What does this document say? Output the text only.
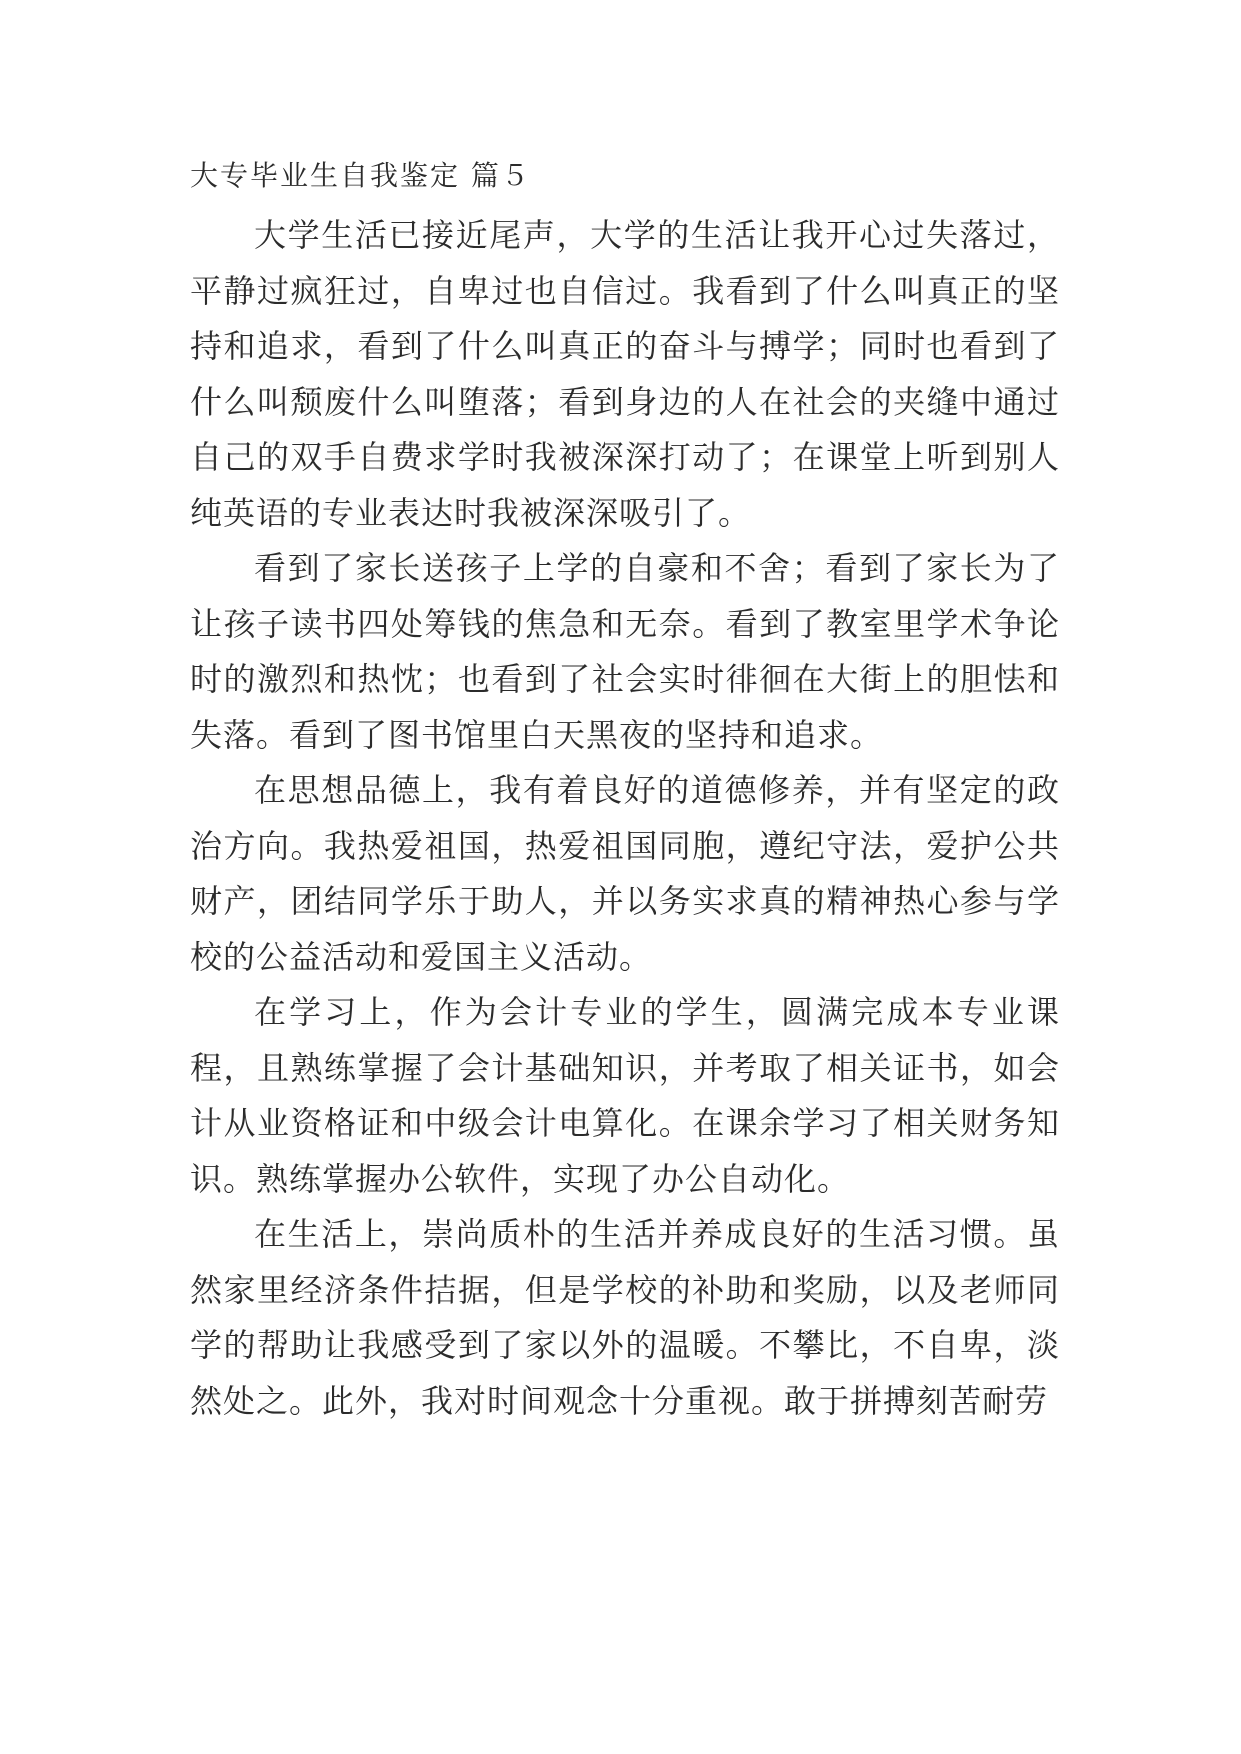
大专毕业生自我鉴定 篇５

大学生活已接近尾声，大学的生活让我开心过失落过，平静过疯狂过，自卑过也自信过。我看到了什么叫真正的坚持和追求，看到了什么叫真正的奋斗与搏学；同时也看到了什么叫颓废什么叫堕落；看到身边的人在社会的夹缝中通过自己的双手自费求学时我被深深打动了；在课堂上听到别人纯英语的专业表达时我被深深吸引了。

看到了家长送孩子上学的自豪和不舍；看到了家长为了让孩子读书四处筹钱的焦急和无奈。看到了教室里学术争论时的激烈和热忱；也看到了社会实时徘徊在大街上的胆怯和失落。看到了图书馆里白天黑夜的坚持和追求。

在思想品德上，我有着良好的道德修养，并有坚定的政治方向。我热爱祖国，热爱祖国同胞，遵纪守法，爱护公共财产，团结同学乐于助人，并以务实求真的精神热心参与学校的公益活动和爱国主义活动。

在学习上，作为会计专业的学生，圆满完成本专业课程，且熟练掌握了会计基础知识，并考取了相关证书，如会计从业资格证和中级会计电算化。在课余学习了相关财务知识。熟练掌握办公软件，实现了办公自动化。

在生活上，崇尚质朴的生活并养成良好的生活习惯。虽然家里经济条件拮据，但是学校的补助和奖励，以及老师同学的帮助让我感受到了家以外的温暖。不攀比，不自卑，淡然处之。此外，我对时间观念十分重视。敢于拼搏刻苦耐劳
